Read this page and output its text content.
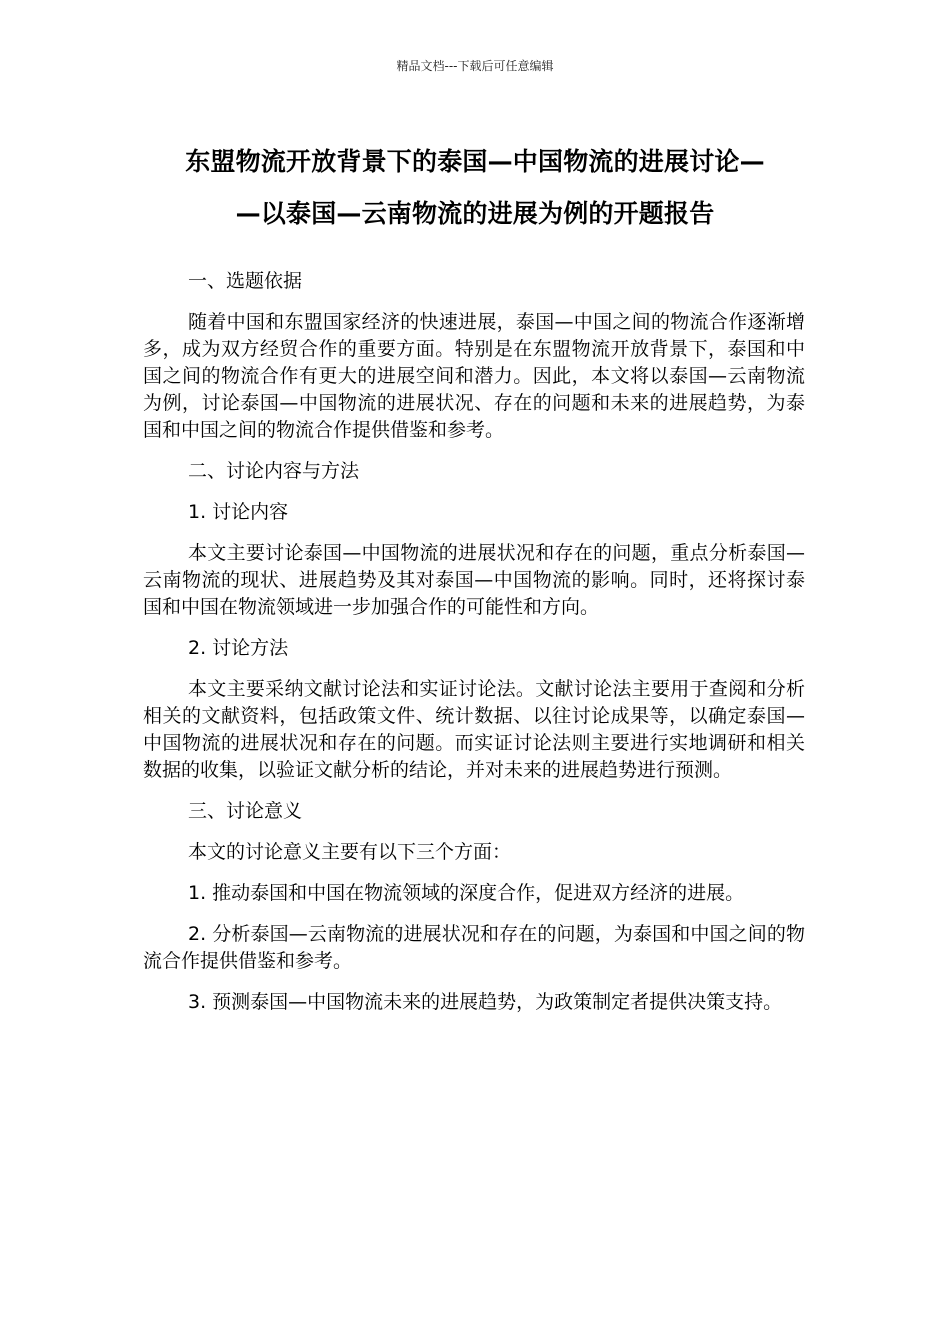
精品文档---下载后可任意编辑
东盟物流开放背景下的泰国—中国物流的进展讨论—
—以泰国—云南物流的进展为例的开题报告

一、选题依据

随着中国和东盟国家经济的快速进展，泰国—中国之间的物流合作逐渐增多，成为双方经贸合作的重要方面。特别是在东盟物流开放背景下，泰国和中国之间的物流合作有更大的进展空间和潜力。因此，本文将以泰国—云南物流为例，讨论泰国—中国物流的进展状况、存在的问题和未来的进展趋势，为泰国和中国之间的物流合作提供借鉴和参考。

二、讨论内容与方法

1. 讨论内容

本文主要讨论泰国—中国物流的进展状况和存在的问题，重点分析泰国—云南物流的现状、进展趋势及其对泰国—中国物流的影响。同时，还将探讨泰国和中国在物流领域进一步加强合作的可能性和方向。

2. 讨论方法

本文主要采纳文献讨论法和实证讨论法。文献讨论法主要用于查阅和分析相关的文献资料，包括政策文件、统计数据、以往讨论成果等，以确定泰国—中国物流的进展状况和存在的问题。而实证讨论法则主要进行实地调研和相关数据的收集，以验证文献分析的结论，并对未来的进展趋势进行预测。

三、讨论意义

本文的讨论意义主要有以下三个方面：

1. 推动泰国和中国在物流领域的深度合作，促进双方经济的进展。

2. 分析泰国—云南物流的进展状况和存在的问题，为泰国和中国之间的物流合作提供借鉴和参考。

3. 预测泰国—中国物流未来的进展趋势，为政策制定者提供决策支持。
